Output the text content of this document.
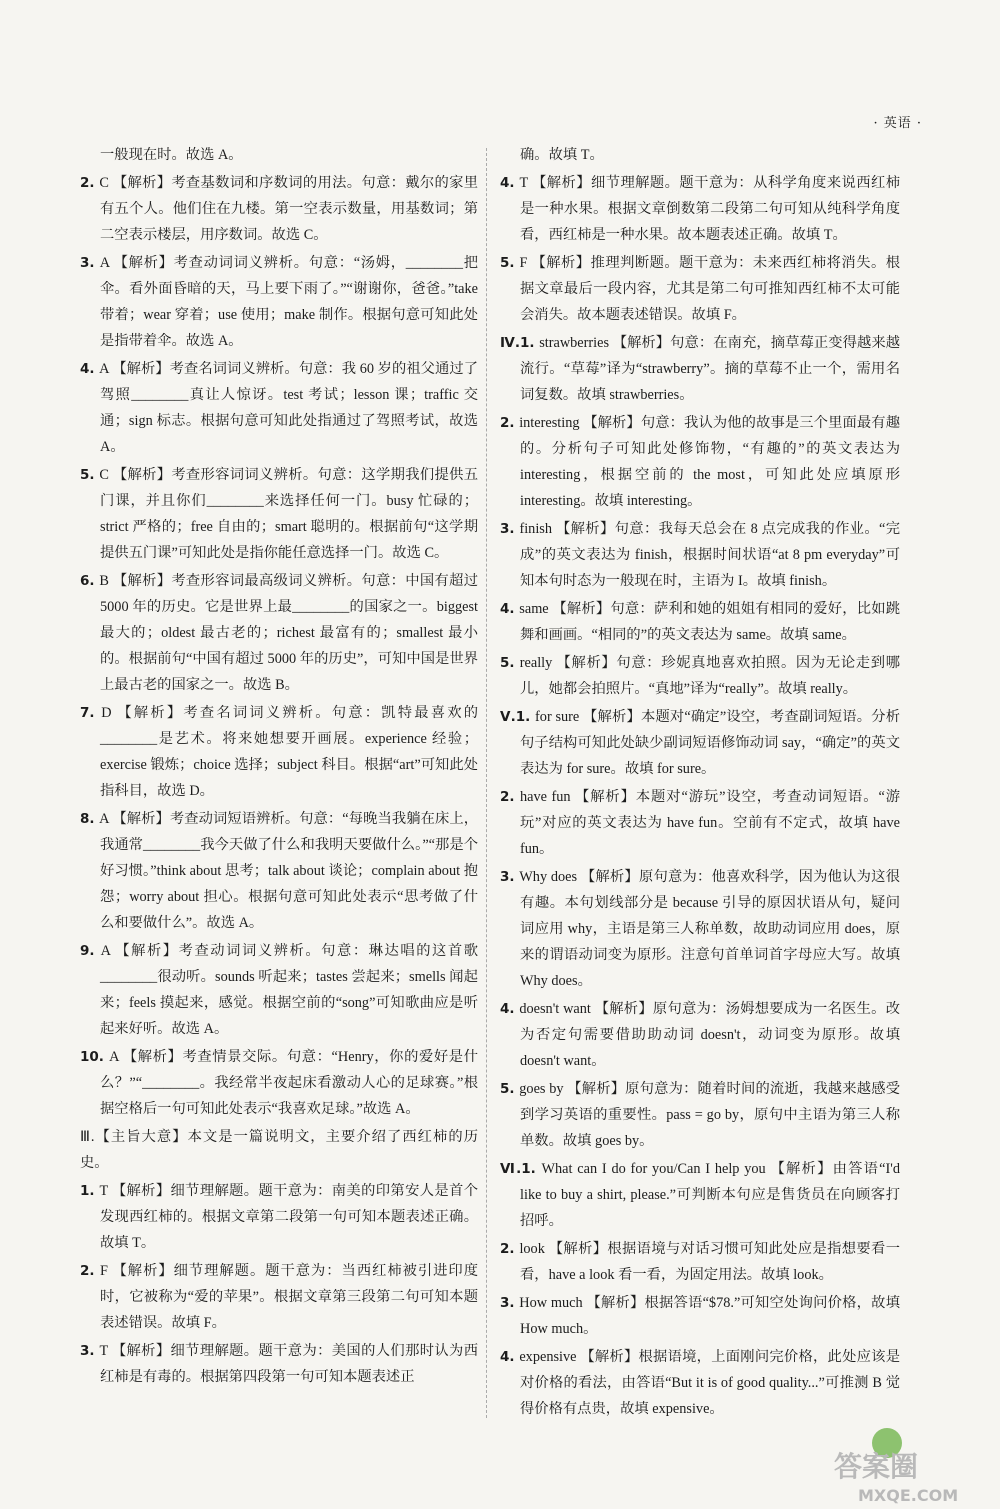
· 英语 ·

一般现在时。故选 A。

2. C 【解析】考查基数词和序数词的用法。句意：戴尔的家里有五个人。他们住在九楼。第一空表示数量，用基数词；第二空表示楼层，用序数词。故选 C。

3. A 【解析】考查动词词义辨析。句意：“汤姆，________把伞。看外面昏暗的天，马上要下雨了。”“谢谢你，爸爸。”take 带着；wear 穿着；use 使用；make 制作。根据句意可知此处是指带着伞。故选 A。

4. A 【解析】考查名词词义辨析。句意：我 60 岁的祖父通过了驾照________真让人惊讶。test 考试；lesson 课；traffic 交通；sign 标志。根据句意可知此处指通过了驾照考试，故选 A。

5. C 【解析】考查形容词词义辨析。句意：这学期我们提供五门课，并且你们________来选择任何一门。busy 忙碌的；strict 严格的；free 自由的；smart 聪明的。根据前句“这学期提供五门课”可知此处是指你能任意选择一门。故选 C。

6. B 【解析】考查形容词最高级词义辨析。句意：中国有超过 5000 年的历史。它是世界上最________的国家之一。biggest 最大的；oldest 最古老的；richest 最富有的；smallest 最小的。根据前句“中国有超过 5000 年的历史”，可知中国是世界上最古老的国家之一。故选 B。

7. D 【解析】考查名词词义辨析。句意：凯特最喜欢的________是艺术。将来她想要开画展。experience 经验；exercise 锻炼；choice 选择；subject 科目。根据“art”可知此处指科目，故选 D。

8. A 【解析】考查动词短语辨析。句意：“每晚当我躺在床上，我通常________我今天做了什么和我明天要做什么。”“那是个好习惯。”think about 思考；talk about 谈论；complain about 抱怨；worry about 担心。根据句意可知此处表示“思考做了什么和要做什么”。故选 A。

9. A 【解析】考查动词词义辨析。句意：琳达唱的这首歌________很动听。sounds 听起来；tastes 尝起来；smells 闻起来；feels 摸起来，感觉。根据空前的“song”可知歌曲应是听起来好听。故选 A。

10. A 【解析】考查情景交际。句意：“Henry，你的爱好是什么？”“________。我经常半夜起床看激动人心的足球赛。”根据空格后一句可知此处表示“我喜欢足球。”故选 A。

Ⅲ.【主旨大意】本文是一篇说明文，主要介绍了西红柿的历史。

1. T 【解析】细节理解题。题干意为：南美的印第安人是首个发现西红柿的。根据文章第二段第一句可知本题表述正确。故填 T。

2. F 【解析】细节理解题。题干意为：当西红柿被引进印度时，它被称为“爱的苹果”。根据文章第三段第二句可知本题表述错误。故填 F。

3. T 【解析】细节理解题。题干意为：美国的人们那时认为西红柿是有毒的。根据第四段第一句可知本题表述正

确。故填 T。

4. T 【解析】细节理解题。题干意为：从科学角度来说西红柿是一种水果。根据文章倒数第二段第二句可知从纯科学角度看，西红柿是一种水果。故本题表述正确。故填 T。

5. F 【解析】推理判断题。题干意为：未来西红柿将消失。根据文章最后一段内容，尤其是第二句可推知西红柿不太可能会消失。故本题表述错误。故填 F。

Ⅳ.1. strawberries 【解析】句意：在南充，摘草莓正变得越来越流行。“草莓”译为“strawberry”。摘的草莓不止一个，需用名词复数。故填 strawberries。

2. interesting 【解析】句意：我认为他的故事是三个里面最有趣的。分析句子可知此处修饰物，“有趣的”的英文表达为 interesting，根据空前的 the most，可知此处应填原形 interesting。故填 interesting。

3. finish 【解析】句意：我每天总会在 8 点完成我的作业。“完成”的英文表达为 finish，根据时间状语“at 8 pm everyday”可知本句时态为一般现在时，主语为 I。故填 finish。

4. same 【解析】句意：萨利和她的姐姐有相同的爱好，比如跳舞和画画。“相同的”的英文表达为 same。故填 same。

5. really 【解析】句意：珍妮真地喜欢拍照。因为无论走到哪儿，她都会拍照片。“真地”译为“really”。故填 really。

Ⅴ.1. for sure 【解析】本题对“确定”设空，考查副词短语。分析句子结构可知此处缺少副词短语修饰动词 say，“确定”的英文表达为 for sure。故填 for sure。

2. have fun 【解析】本题对“游玩”设空，考查动词短语。“游玩”对应的英文表达为 have fun。空前有不定式，故填 have fun。

3. Why does 【解析】原句意为：他喜欢科学，因为他认为这很有趣。本句划线部分是 because 引导的原因状语从句，疑问词应用 why，主语是第三人称单数，故助动词应用 does，原来的谓语动词变为原形。注意句首单词首字母应大写。故填 Why does。

4. doesn't want 【解析】原句意为：汤姆想要成为一名医生。改为否定句需要借助助动词 doesn't，动词变为原形。故填 doesn't want。

5. goes by 【解析】原句意为：随着时间的流逝，我越来越感受到学习英语的重要性。pass = go by，原句中主语为第三人称单数。故填 goes by。

Ⅵ.1. What can I do for you/Can I help you 【解析】由答语“I'd like to buy a shirt, please.”可判断本句应是售货员在向顾客打招呼。

2. look 【解析】根据语境与对话习惯可知此处应是指想要看一看，have a look 看一看，为固定用法。故填 look。

3. How much 【解析】根据答语“$78.”可知空处询问价格，故填 How much。

4. expensive 【解析】根据语境，上面刚问完价格，此处应该是对价格的看法，由答语“But it is of good quality...”可推测 B 觉得价格有点贵，故填 expensive。

答案圈
MXQE.COM
